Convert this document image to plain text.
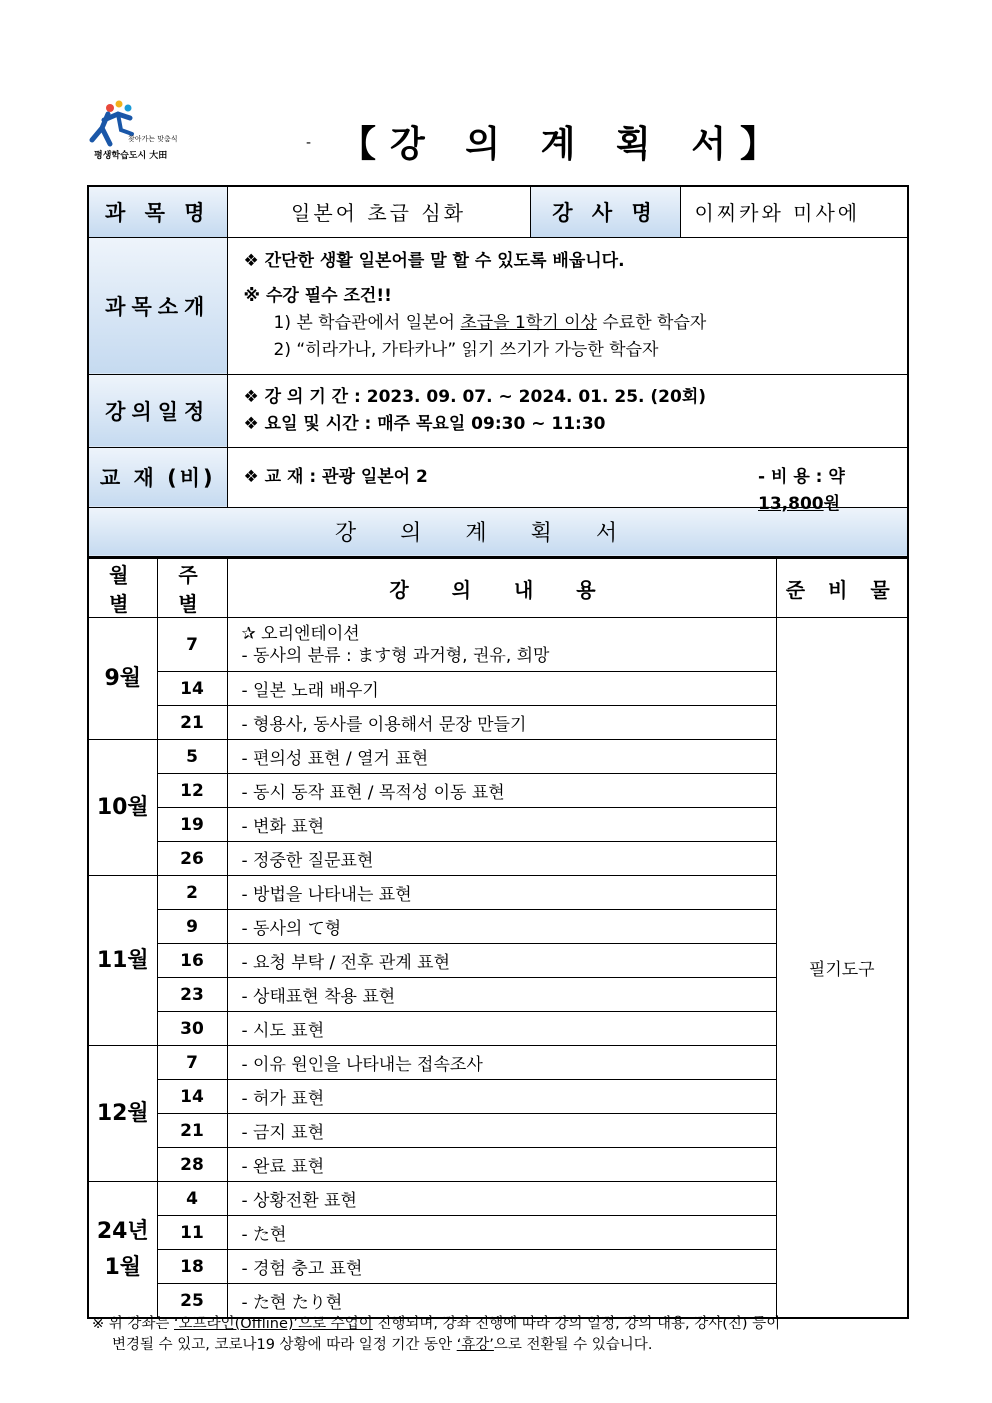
찾아가는 맞춤식
평생학습도시 大田
- 【강 의 계 획 서】
과 목 명	일본어 초급 심화	강 사 명	이찌카와 미사에
과목소개	❖ 간단한 생활 일본어를 말 할 수 있도록 배웁니다.
※ 수강 필수 조건!!
1) 본 학습관에서 일본어 초급을 1학기 이상 수료한 학습자
2) “히라가나, 가타카나” 읽기 쓰기가 가능한 학습자		

강의일정	❖ 강 의 기 간 : 2023. 09. 07. ~ 2024. 01. 25. (20회)
❖ 요일 및 시간 : 매주 목요일 09:30 ~ 11:30		

교 재 (비)	❖ 교 재 : 관광 일본어 2 - 비 용 : 약 13,800원		

강의계획서			
월 별	주 별	강 의 내 용	준 비 물
9월	7	✰ 오리엔테이션
- 동사의 분류 : ます형 과거형, 권유, 희망	필기도구
	14	- 일본 노래 배우기	
	21	- 형용사, 동사를 이용해서 문장 만들기	
10월	5	- 편의성 표현 / 열거 표현	
	12	- 동시 동작 표현 / 목적성 이동 표현	
	19	- 변화 표현	
	26	- 정중한 질문표현	
11월	2	- 방법을 나타내는 표현	
	9	- 동사의 て형	
	16	- 요청 부탁 / 전후 관계 표현	
	23	- 상태표현 착용 표현	
	30	- 시도 표현	
12월	7	- 이유 원인을 나타내는 접속조사	
	14	- 허가 표현	
	21	- 금지 표현	
	28	- 완료 표현	

24년
1월	4	- 상황전환 표현	
	11	- た현	
	18	- 경험 충고 표현	
	25	- た현 たり현	
※ 위 강좌는 ‘오프라인(Offline)’으로 수업이 진행되며, 강좌 진행에 따라 강의 일정, 강의 내용, 강사(진) 등이
변경될 수 있고, 코로나19 상황에 따라 일정 기간 동안 ‘휴강’으로 전환될 수 있습니다.
